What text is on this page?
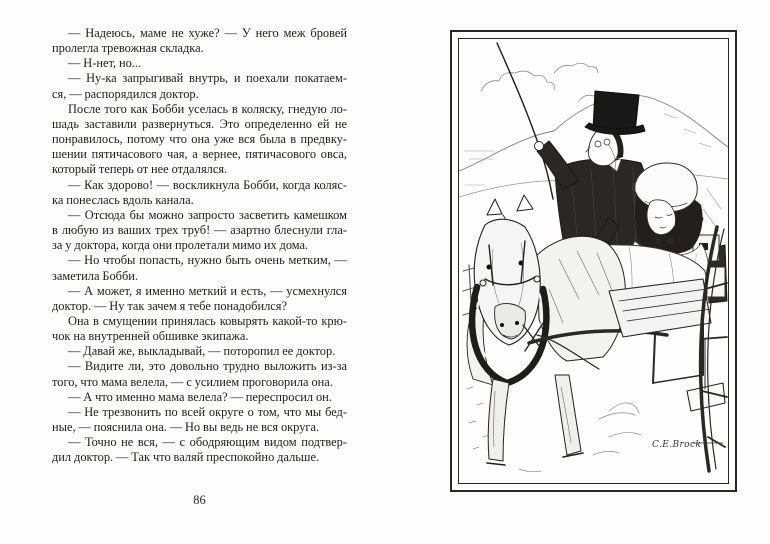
— Надеюсь, маме не хуже? — У него меж бровей
пролегла тревожная складка.
— Н-нет, но...
— Ну-ка запрыгивай внутрь, и поехали покатаем-
ся, — распорядился доктор.
После того как Бобби уселась в коляску, гнедую ло-
шадь заставили развернуться. Это определенно ей не
понравилось, потому что она уже вся была в предвку-
шении пятичасового чая, а вернее, пятичасового овса,
который теперь от нее отдалялся.
— Как здорово! — воскликнула Бобби, когда коляс-
ка понеслась вдоль канала.
— Отсюда бы можно запросто засветить камешком
в любую из ваших трех труб! — азартно блеснули гла-
за у доктора, когда они пролетали мимо их дома.
— Но чтобы попасть, нужно быть очень метким, —
заметила Бобби.
— А может, я именно меткий и есть, — усмехнулся
доктор. — Ну так зачем я тебе понадобился?
Она в смущении принялась ковырять какой-то крю-
чок на внутренней обшивке экипажа.
— Давай же, выкладывай, — поторопил ее доктор.
— Видите ли, это довольно трудно выложить из-за
того, что мама велела, — с усилием проговорила она.
— А что именно мама велела? — переспросил он.
— Не трезвонить по всей округе о том, что мы бед-
ные, — пояснила она. — Но вы ведь не вся округа.
— Точно не вся, — с ободряющим видом подтвер-
дил доктор. — Так что валяй преспокойно дальше.
86
C.E.Brock
